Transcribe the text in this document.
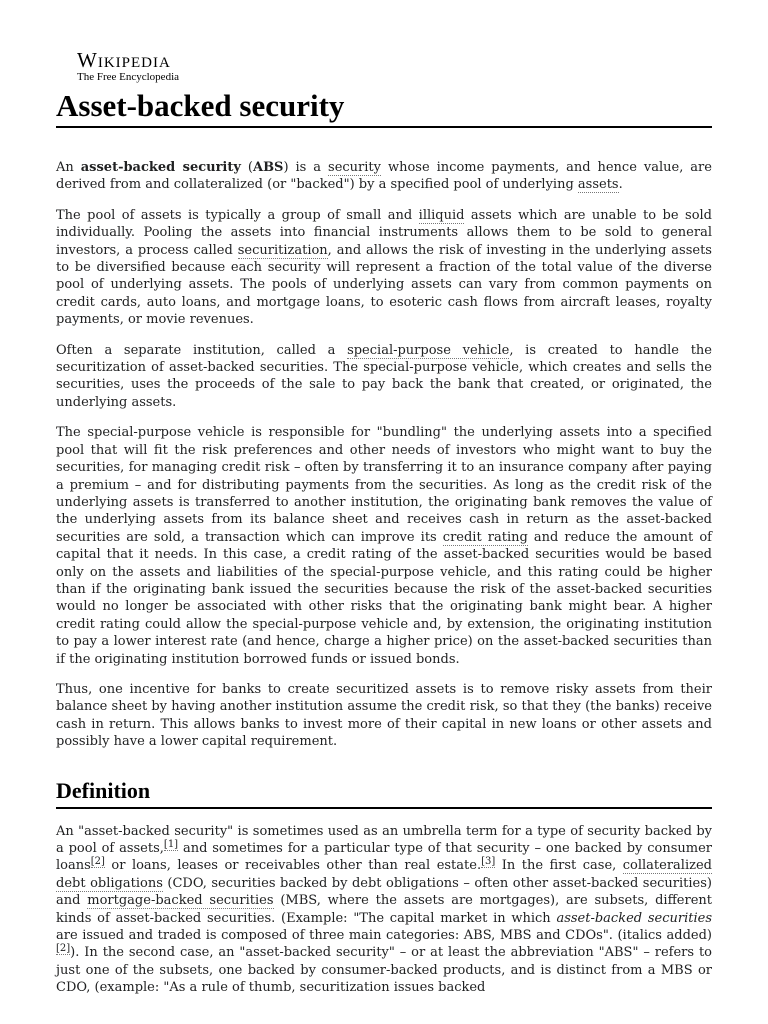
Wikipedia
The Free Encyclopedia
Asset-backed security

An asset-backed security (ABS) is a security whose income payments, and hence value, are derived from and collateralized (or "backed") by a specified pool of underlying assets.

The pool of assets is typically a group of small and illiquid assets which are unable to be sold individually. Pooling the assets into financial instruments allows them to be sold to general investors, a process called securitization, and allows the risk of investing in the underlying assets to be diversified because each security will represent a fraction of the total value of the diverse pool of underlying assets. The pools of underlying assets can vary from common payments on credit cards, auto loans, and mortgage loans, to esoteric cash flows from aircraft leases, royalty payments, or movie revenues.

Often a separate institution, called a special-purpose vehicle, is created to handle the securitization of asset-backed securities. The special-purpose vehicle, which creates and sells the securities, uses the proceeds of the sale to pay back the bank that created, or originated, the underlying assets.

The special-purpose vehicle is responsible for "bundling" the underlying assets into a specified pool that will fit the risk preferences and other needs of investors who might want to buy the securities, for managing credit risk – often by transferring it to an insurance company after paying a premium – and for distributing payments from the securities. As long as the credit risk of the underlying assets is transferred to another institution, the originating bank removes the value of the underlying assets from its balance sheet and receives cash in return as the asset-backed securities are sold, a transaction which can improve its credit rating and reduce the amount of capital that it needs. In this case, a credit rating of the asset-backed securities would be based only on the assets and liabilities of the special-purpose vehicle, and this rating could be higher than if the originating bank issued the securities because the risk of the asset-backed securities would no longer be associated with other risks that the originating bank might bear. A higher credit rating could allow the special-purpose vehicle and, by extension, the originating institution to pay a lower interest rate (and hence, charge a higher price) on the asset-backed securities than if the originating institution borrowed funds or issued bonds.

Thus, one incentive for banks to create securitized assets is to remove risky assets from their balance sheet by having another institution assume the credit risk, so that they (the banks) receive cash in return. This allows banks to invest more of their capital in new loans or other assets and possibly have a lower capital requirement.

Definition

An "asset-backed security" is sometimes used as an umbrella term for a type of security backed by a pool of assets,[1] and sometimes for a particular type of that security – one backed by consumer loans[2] or loans, leases or receivables other than real estate.[3] In the first case, collateralized debt obligations (CDO, securities backed by debt obligations – often other asset-backed securities) and mortgage-backed securities (MBS, where the assets are mortgages), are subsets, different kinds of asset-backed securities. (Example: "The capital market in which asset-backed securities are issued and traded is composed of three main categories: ABS, MBS and CDOs". (italics added)[2]). In the second case, an "asset-backed security" – or at least the abbreviation "ABS" – refers to just one of the subsets, one backed by consumer-backed products, and is distinct from a MBS or CDO, (example: "As a rule of thumb, securitization issues backed
